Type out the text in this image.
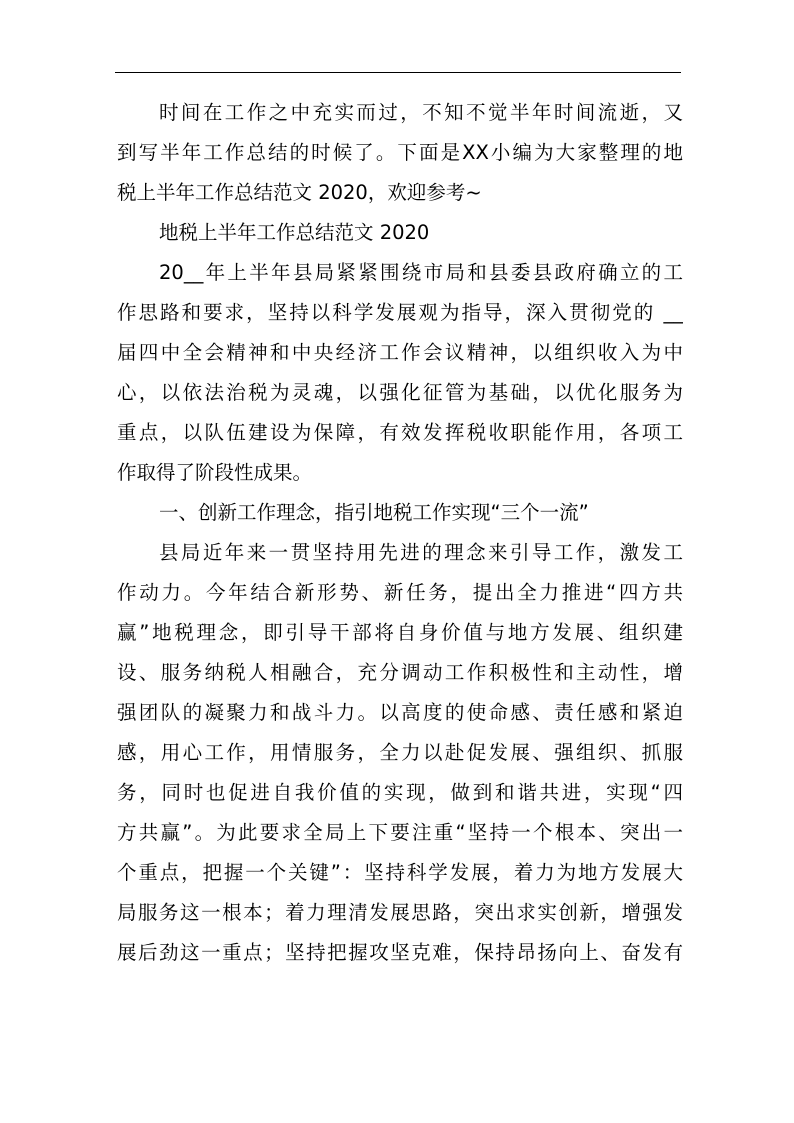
时间在工作之中充实而过，不知不觉半年时间流逝，又
到写半年工作总结的时候了。下面是XX小编为大家整理的地
税上半年工作总结范文 2020，欢迎参考~
地税上半年工作总结范文 2020
20__年上半年县局紧紧围绕市局和县委县政府确立的工
作思路和要求，坚持以科学发展观为指导，深入贯彻党的 __
届四中全会精神和中央经济工作会议精神，以组织收入为中
心，以依法治税为灵魂，以强化征管为基础，以优化服务为
重点，以队伍建设为保障，有效发挥税收职能作用，各项工
作取得了阶段性成果。
一、创新工作理念，指引地税工作实现“三个一流”
县局近年来一贯坚持用先进的理念来引导工作，激发工
作动力。今年结合新形势、新任务，提出全力推进“四方共
赢”地税理念，即引导干部将自身价值与地方发展、组织建
设、服务纳税人相融合，充分调动工作积极性和主动性，增
强团队的凝聚力和战斗力。以高度的使命感、责任感和紧迫
感，用心工作，用情服务，全力以赴促发展、强组织、抓服
务，同时也促进自我价值的实现，做到和谐共进，实现“四
方共赢”。为此要求全局上下要注重“坚持一个根本、突出一
个重点，把握一个关键”：坚持科学发展，着力为地方发展大
局服务这一根本；着力理清发展思路，突出求实创新，增强发
展后劲这一重点；坚持把握攻坚克难，保持昂扬向上、奋发有
